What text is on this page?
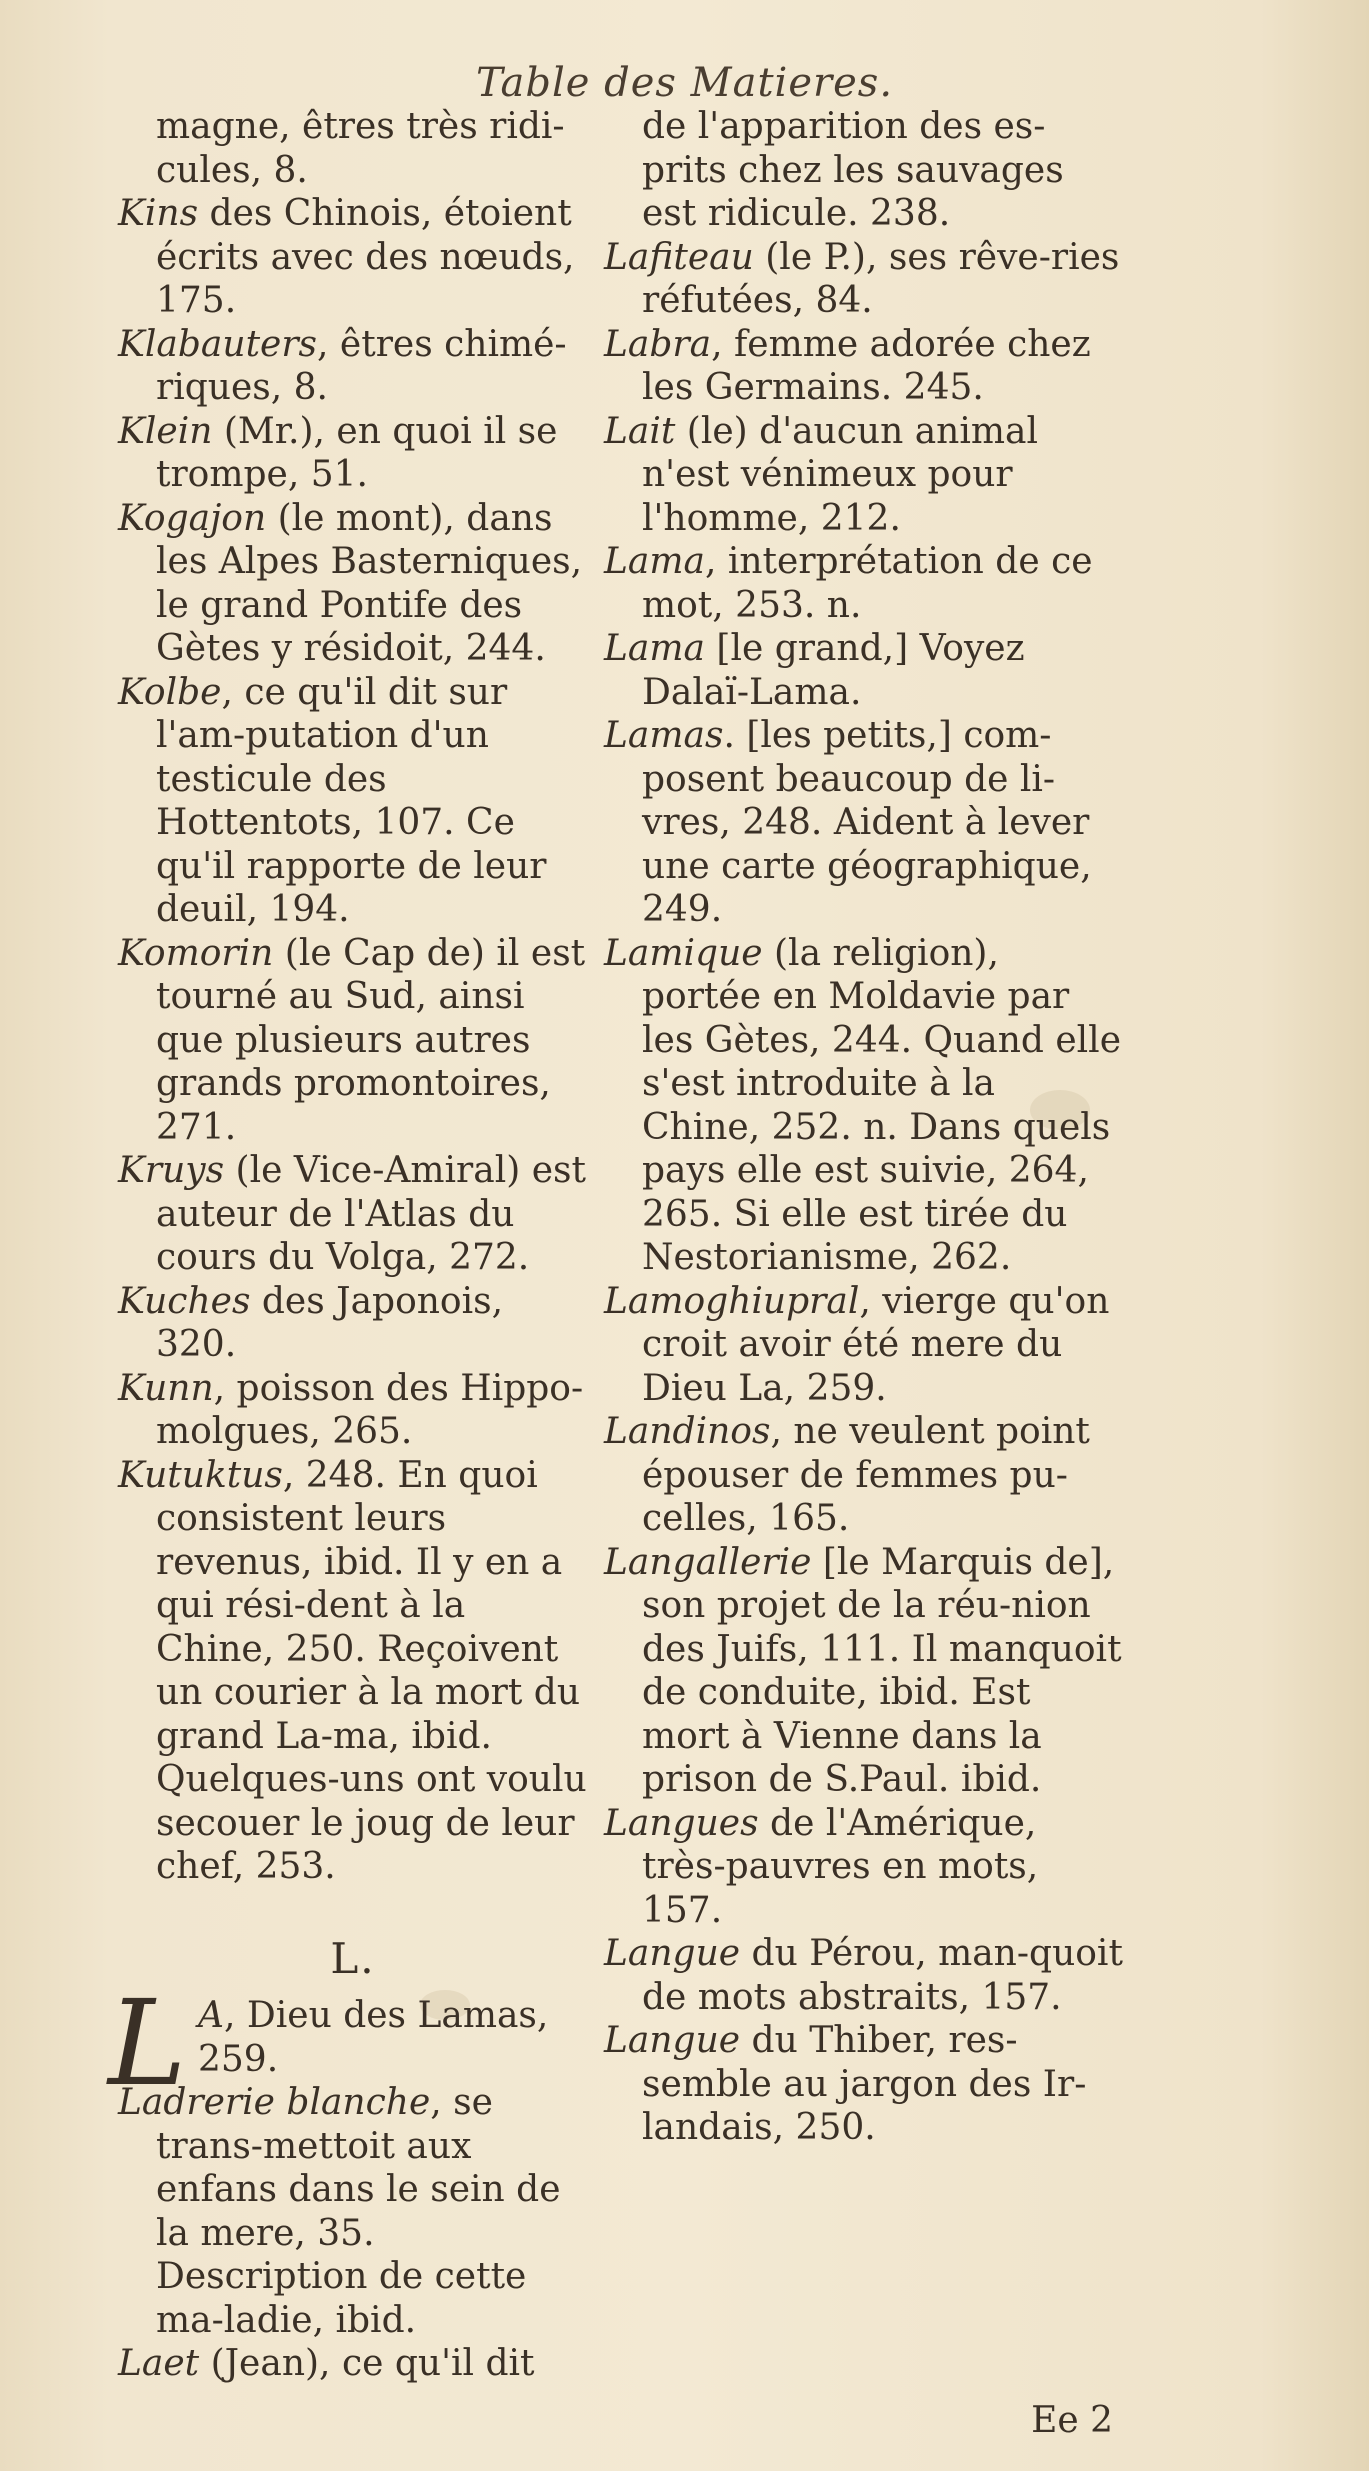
Table des Matieres.

magne, êtres très ridi-cules, 8.

Kins des Chinois, étoient écrits avec des nœuds, 175.

Klabauters, êtres chimé-riques, 8.

Klein (Mr.), en quoi il se trompe, 51.

Kogajon (le mont), dans les Alpes Basterniques, le grand Pontife des Gètes y résidoit, 244.

Kolbe, ce qu'il dit sur l'am-putation d'un testicule des Hottentots, 107. Ce qu'il rapporte de leur deuil, 194.

Komorin (le Cap de) il est tourné au Sud, ainsi que plusieurs autres grands promontoires, 271.

Kruys (le Vice-Amiral) est auteur de l'Atlas du cours du Volga, 272.

Kuches des Japonois, 320.

Kunn, poisson des Hippo-molgues, 265.

Kutuktus, 248. En quoi consistent leurs revenus, ibid. Il y en a qui rési-dent à la Chine, 250. Reçoivent un courier à la mort du grand La-ma, ibid. Quelques-uns ont voulu secouer le joug de leur chef, 253.

L.

L A, Dieu des Lamas, 259.

Ladrerie blanche, se trans-mettoit aux enfans dans le sein de la mere, 35. Description de cette ma-ladie, ibid.

Laet (Jean), ce qu'il dit

de l'apparition des es-prits chez les sauvages est ridicule. 238.

Lafiteau (le P.), ses rêve-ries réfutées, 84.

Labra, femme adorée chez les Germains. 245.

Lait (le) d'aucun animal n'est vénimeux pour l'homme, 212.

Lama, interprétation de ce mot, 253. n.

Lama [le grand,] Voyez Dalaï-Lama.

Lamas. [les petits,] com-posent beaucoup de li-vres, 248. Aident à lever une carte géographique, 249.

Lamique (la religion), portée en Moldavie par les Gètes, 244. Quand elle s'est introduite à la Chine, 252. n. Dans quels pays elle est suivie, 264, 265. Si elle est tirée du Nestorianisme, 262.

Lamoghiupral, vierge qu'on croit avoir été mere du Dieu La, 259.

Landinos, ne veulent point épouser de femmes pu-celles, 165.

Langallerie [le Marquis de], son projet de la réu-nion des Juifs, 111. Il manquoit de conduite, ibid. Est mort à Vienne dans la prison de S.Paul. ibid.

Langues de l'Amérique, très-pauvres en mots, 157.

Langue du Pérou, man-quoit de mots abstraits, 157.

Langue du Thiber, res-semble au jargon des Ir-landais, 250.

Ee 2
